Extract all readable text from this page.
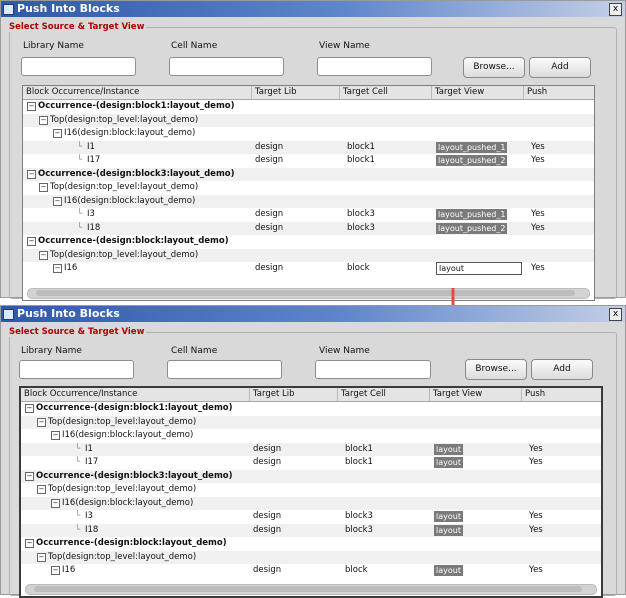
Push Into Blocks	x
Select Source & Target View
Library Name	Cell Name	View Name
Browse...	Add
Block Occurrence/Instance	Target Lib	Target Cell	Target View	Push
− Occurrence-(design:block1:layout_demo)
− Top(design:top_level:layout_demo)
− I16(design:block:layout_demo)
└ I1	design	block1	layout_pushed_1	Yes
└ I17	design	block1	layout_pushed_2	Yes
− Occurrence-(design:block3:layout_demo)
− Top(design:top_level:layout_demo)
− I16(design:block:layout_demo)
└ I3	design	block3	layout_pushed_1	Yes
└ I18	design	block3	layout_pushed_2	Yes
− Occurrence-(design:block:layout_demo)
− Top(design:top_level:layout_demo)
− I16	design	block	layout	Yes
Push Into Blocks	x
Select Source & Target View
Library Name	Cell Name	View Name
Browse...	Add
Block Occurrence/Instance	Target Lib	Target Cell	Target View	Push
− Occurrence-(design:block1:layout_demo)
− Top(design:top_level:layout_demo)
− I16(design:block:layout_demo)
└ I1	design	block1	layout	Yes
└ I17	design	block1	layout	Yes
− Occurrence-(design:block3:layout_demo)
− Top(design:top_level:layout_demo)
− I16(design:block:layout_demo)
└ I3	design	block3	layout	Yes
└ I18	design	block3	layout	Yes
− Occurrence-(design:block:layout_demo)
− Top(design:top_level:layout_demo)
− I16	design	block	layout	Yes
